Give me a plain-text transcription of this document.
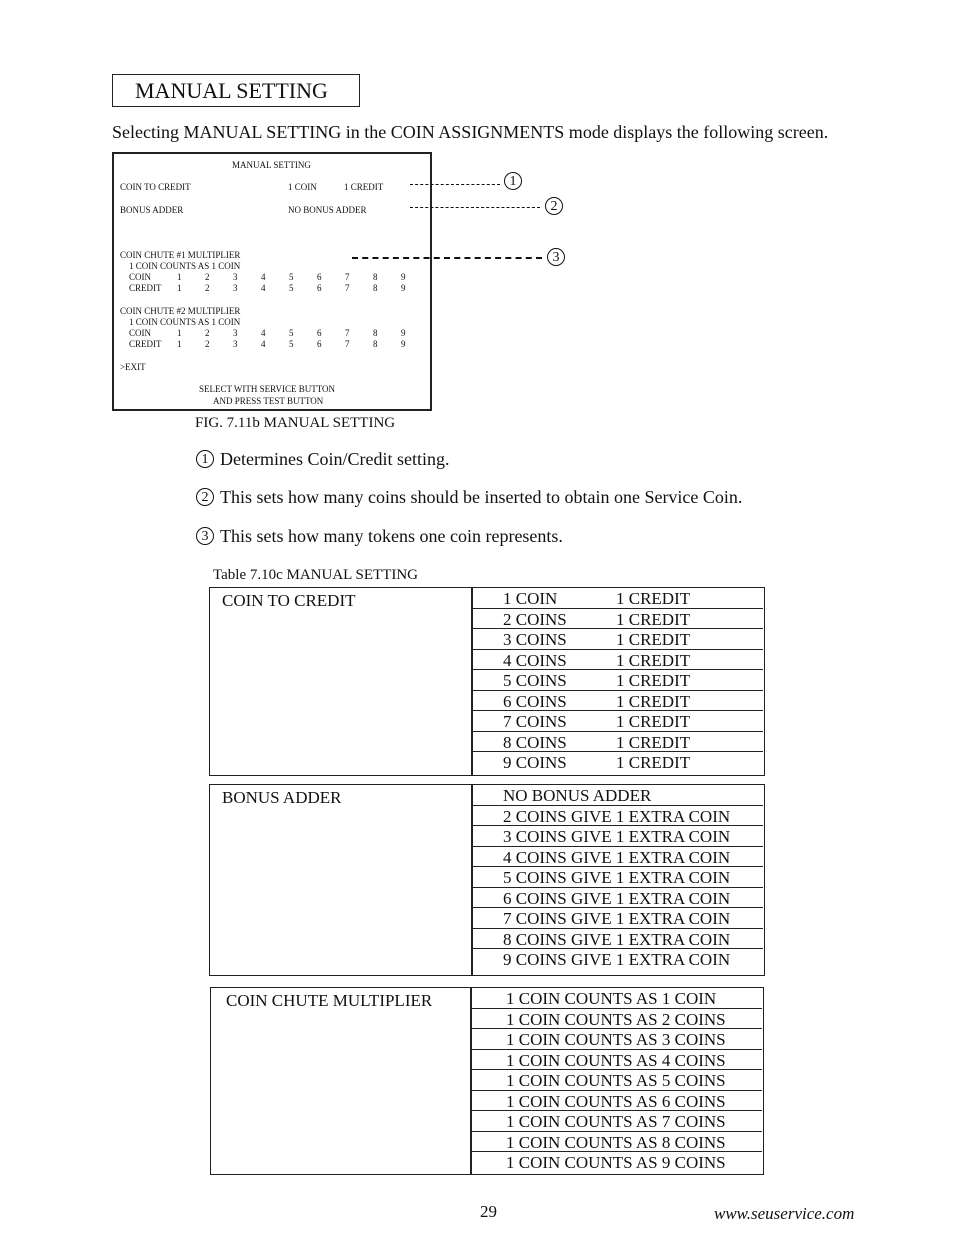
MANUAL SETTING
Selecting MANUAL SETTING in the COIN ASSIGNMENTS mode displays the following screen.
MANUAL SETTING
COIN TO CREDIT	1 COIN	1 CREDIT
BONUS ADDER	NO BONUS ADDER
COIN CHUTE #1 MULTIPLIER
1 COIN COUNTS AS 1 COIN
COIN	1	2	3	4	5	6	7	8	9
CREDIT 1	2	3	4	5	6	7	8	9
COIN CHUTE #2 MULTIPLIER
1 COIN COUNTS AS 1 COIN
COIN	1	2	3	4	5	6	7	8	9
CREDIT 1	2	3	4	5	6	7	8	9
>EXIT
SELECT WITH SERVICE BUTTON
AND PRESS TEST BUTTON
1
2
3
FIG. 7.11b MANUAL SETTING
1 Determines Coin/Credit setting.
2 This sets how many coins should be inserted to obtain one Service Coin.
3 This sets how many tokens one coin represents.
Table 7.10c MANUAL SETTING
COIN TO CREDIT	1 COIN	1 CREDIT
2 COINS	1 CREDIT
3 COINS	1 CREDIT
4 COINS	1 CREDIT
5 COINS	1 CREDIT
6 COINS	1 CREDIT
7 COINS	1 CREDIT
8 COINS	1 CREDIT
9 COINS	1 CREDIT
BONUS ADDER	NO BONUS ADDER
2 COINS GIVE 1 EXTRA COIN
3 COINS GIVE 1 EXTRA COIN
4 COINS GIVE 1 EXTRA COIN
5 COINS GIVE 1 EXTRA COIN
6 COINS GIVE 1 EXTRA COIN
7 COINS GIVE 1 EXTRA COIN
8 COINS GIVE 1 EXTRA COIN
9 COINS GIVE 1 EXTRA COIN
COIN CHUTE MULTIPLIER	1 COIN COUNTS AS 1 COIN
1 COIN COUNTS AS 2 COINS
1 COIN COUNTS AS 3 COINS
1 COIN COUNTS AS 4 COINS
1 COIN COUNTS AS 5 COINS
1 COIN COUNTS AS 6 COINS
1 COIN COUNTS AS 7 COINS
1 COIN COUNTS AS 8 COINS
1 COIN COUNTS AS 9 COINS
29	www.seuservice.com
